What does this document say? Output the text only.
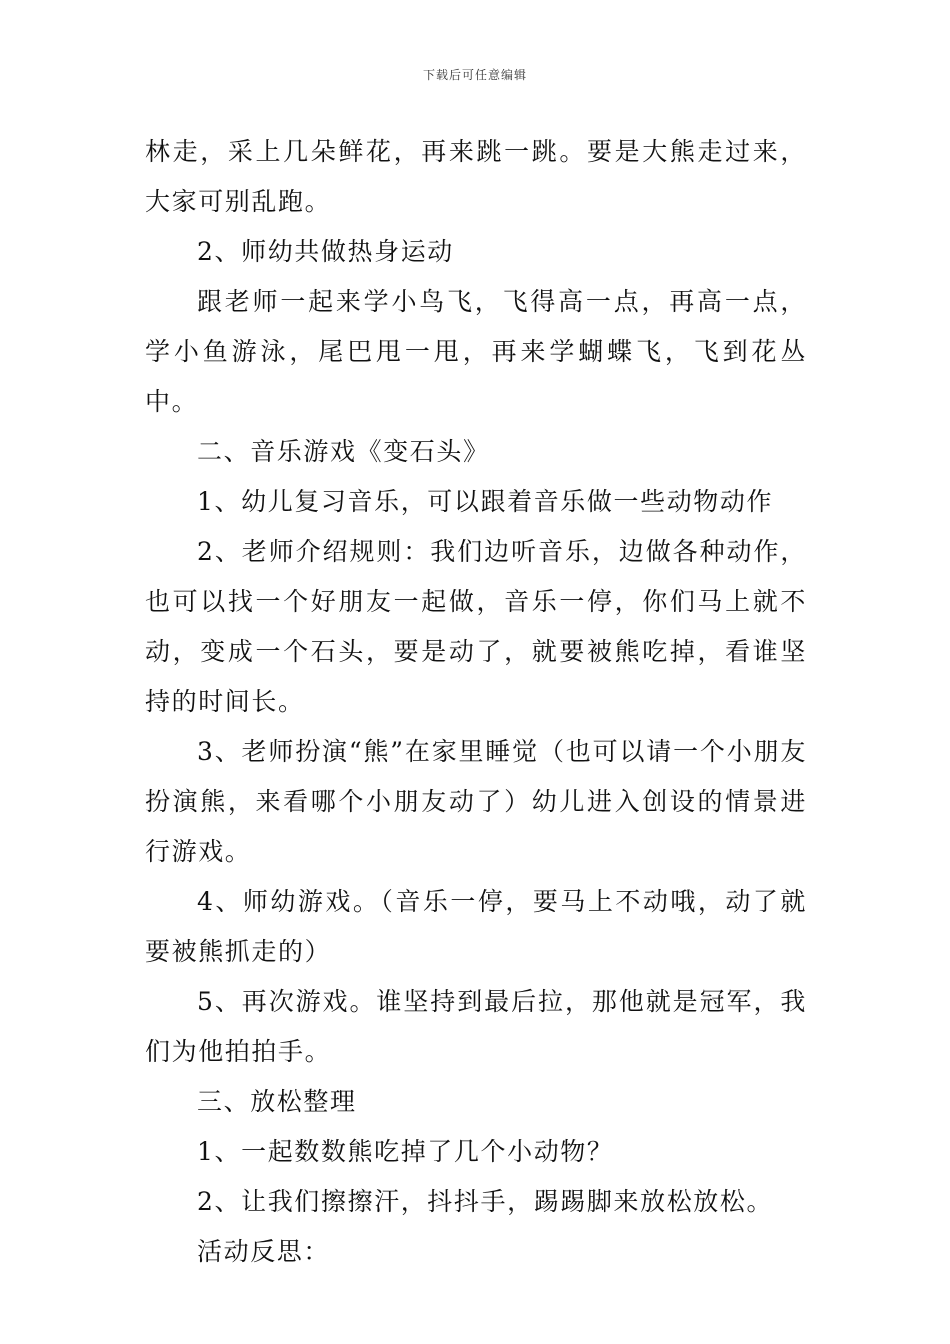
下载后可任意编辑

林走，采上几朵鲜花，再来跳一跳。要是大熊走过来，大家可别乱跑。

2、师幼共做热身运动

跟老师一起来学小鸟飞，飞得高一点，再高一点，学小鱼游泳，尾巴甩一甩，再来学蝴蝶飞，飞到花丛中。

二、音乐游戏《变石头》

1、幼儿复习音乐，可以跟着音乐做一些动物动作

2、老师介绍规则：我们边听音乐，边做各种动作，也可以找一个好朋友一起做，音乐一停，你们马上就不动，变成一个石头，要是动了，就要被熊吃掉，看谁坚持的时间长。

3、老师扮演“熊”在家里睡觉（也可以请一个小朋友扮演熊，来看哪个小朋友动了）幼儿进入创设的情景进行游戏。

4、师幼游戏。（音乐一停，要马上不动哦，动了就要被熊抓走的）

5、再次游戏。谁坚持到最后拉，那他就是冠军，我们为他拍拍手。

三、放松整理

1、一起数数熊吃掉了几个小动物？

2、让我们擦擦汗，抖抖手，踢踢脚来放松放松。

活动反思：
